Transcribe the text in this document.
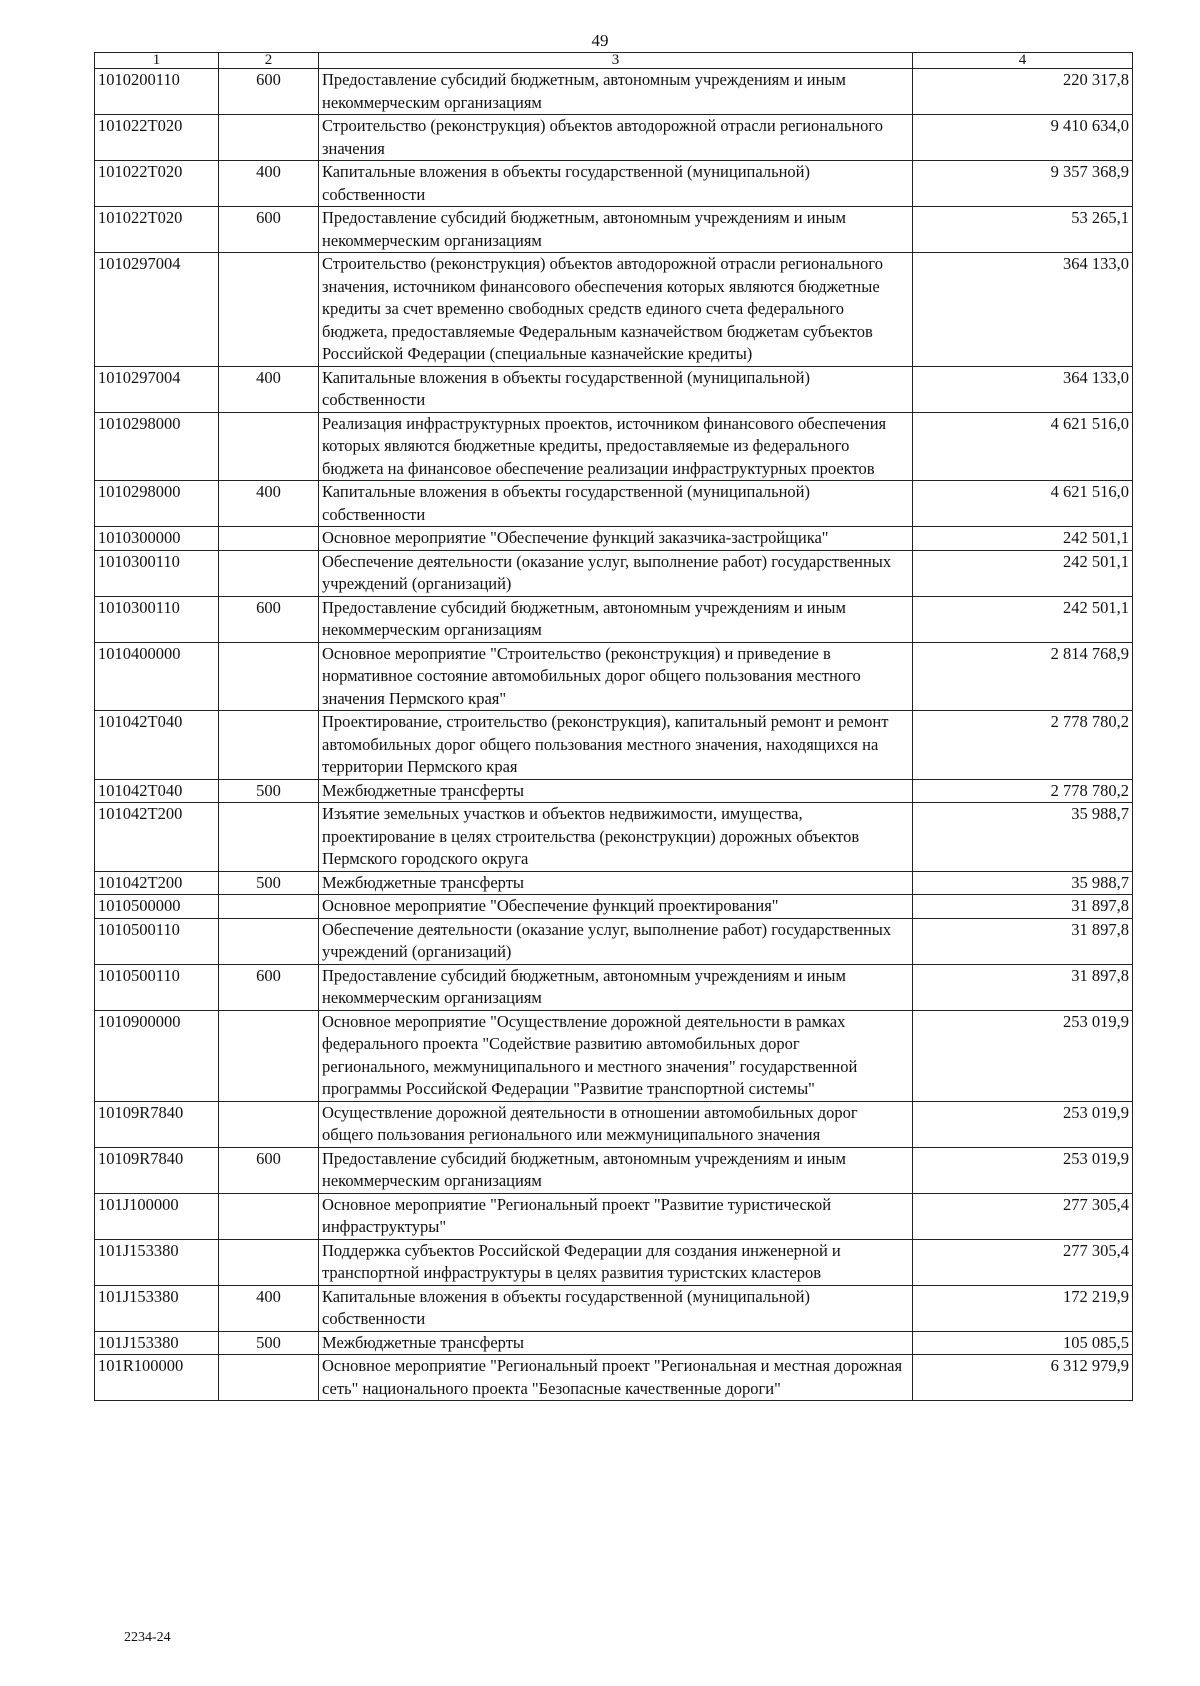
49
1	2	3	4
1010200110	600	Предоставление субсидий бюджетным, автономным учреждениям и иным некоммерческим организациям	220 317,8
101022T020		Строительство (реконструкция) объектов автодорожной отрасли регионального значения	9 410 634,0
101022T020	400	Капитальные вложения в объекты государственной (муниципальной) собственности	9 357 368,9
101022T020	600	Предоставление субсидий бюджетным, автономным учреждениям и иным некоммерческим организациям	53 265,1
1010297004		Строительство (реконструкция) объектов автодорожной отрасли регионального значения, источником финансового обеспечения которых являются бюджетные кредиты за счет временно свободных средств единого счета федерального бюджета, предоставляемые Федеральным казначейством бюджетам субъектов Российской Федерации (специальные казначейские кредиты)	364 133,0
1010297004	400	Капитальные вложения в объекты государственной (муниципальной) собственности	364 133,0
1010298000		Реализация инфраструктурных проектов, источником финансового обеспечения которых являются бюджетные кредиты, предоставляемые из федерального бюджета на финансовое обеспечение реализации инфраструктурных проектов	4 621 516,0
1010298000	400	Капитальные вложения в объекты государственной (муниципальной) собственности	4 621 516,0
1010300000		Основное мероприятие "Обеспечение функций заказчика-застройщика"	242 501,1
1010300110		Обеспечение деятельности (оказание услуг, выполнение работ) государственных учреждений (организаций)	242 501,1
1010300110	600	Предоставление субсидий бюджетным, автономным учреждениям и иным некоммерческим организациям	242 501,1
1010400000		Основное мероприятие "Строительство (реконструкция) и приведение в нормативное состояние автомобильных дорог общего пользования местного значения Пермского края"	2 814 768,9
101042T040		Проектирование, строительство (реконструкция), капитальный ремонт и ремонт автомобильных дорог общего пользования местного значения, находящихся на территории Пермского края	2 778 780,2
101042T040	500	Межбюджетные трансферты	2 778 780,2
101042T200		Изъятие земельных участков и объектов недвижимости, имущества, проектирование в целях строительства (реконструкции) дорожных объектов Пермского городского округа	35 988,7
101042T200	500	Межбюджетные трансферты	35 988,7
1010500000		Основное мероприятие "Обеспечение функций проектирования"	31 897,8
1010500110		Обеспечение деятельности (оказание услуг, выполнение работ) государственных учреждений (организаций)	31 897,8
1010500110	600	Предоставление субсидий бюджетным, автономным учреждениям и иным некоммерческим организациям	31 897,8
1010900000		Основное мероприятие "Осуществление дорожной деятельности в рамках федерального проекта "Содействие развитию автомобильных дорог регионального, межмуниципального и местного значения" государственной программы Российской Федерации "Развитие транспортной системы"	253 019,9
10109R7840		Осуществление дорожной деятельности в отношении автомобильных дорог общего пользования регионального или межмуниципального значения	253 019,9
10109R7840	600	Предоставление субсидий бюджетным, автономным учреждениям и иным некоммерческим организациям	253 019,9
101J100000		Основное мероприятие "Региональный проект "Развитие туристической инфраструктуры"	277 305,4
101J153380		Поддержка субъектов Российской Федерации для создания инженерной и транспортной инфраструктуры в целях развития туристских кластеров	277 305,4
101J153380	400	Капитальные вложения в объекты государственной (муниципальной) собственности	172 219,9
101J153380	500	Межбюджетные трансферты	105 085,5
101R100000		Основное мероприятие "Региональный проект "Региональная и местная дорожная сеть" национального проекта "Безопасные качественные дороги"	6 312 979,9
2234-24
